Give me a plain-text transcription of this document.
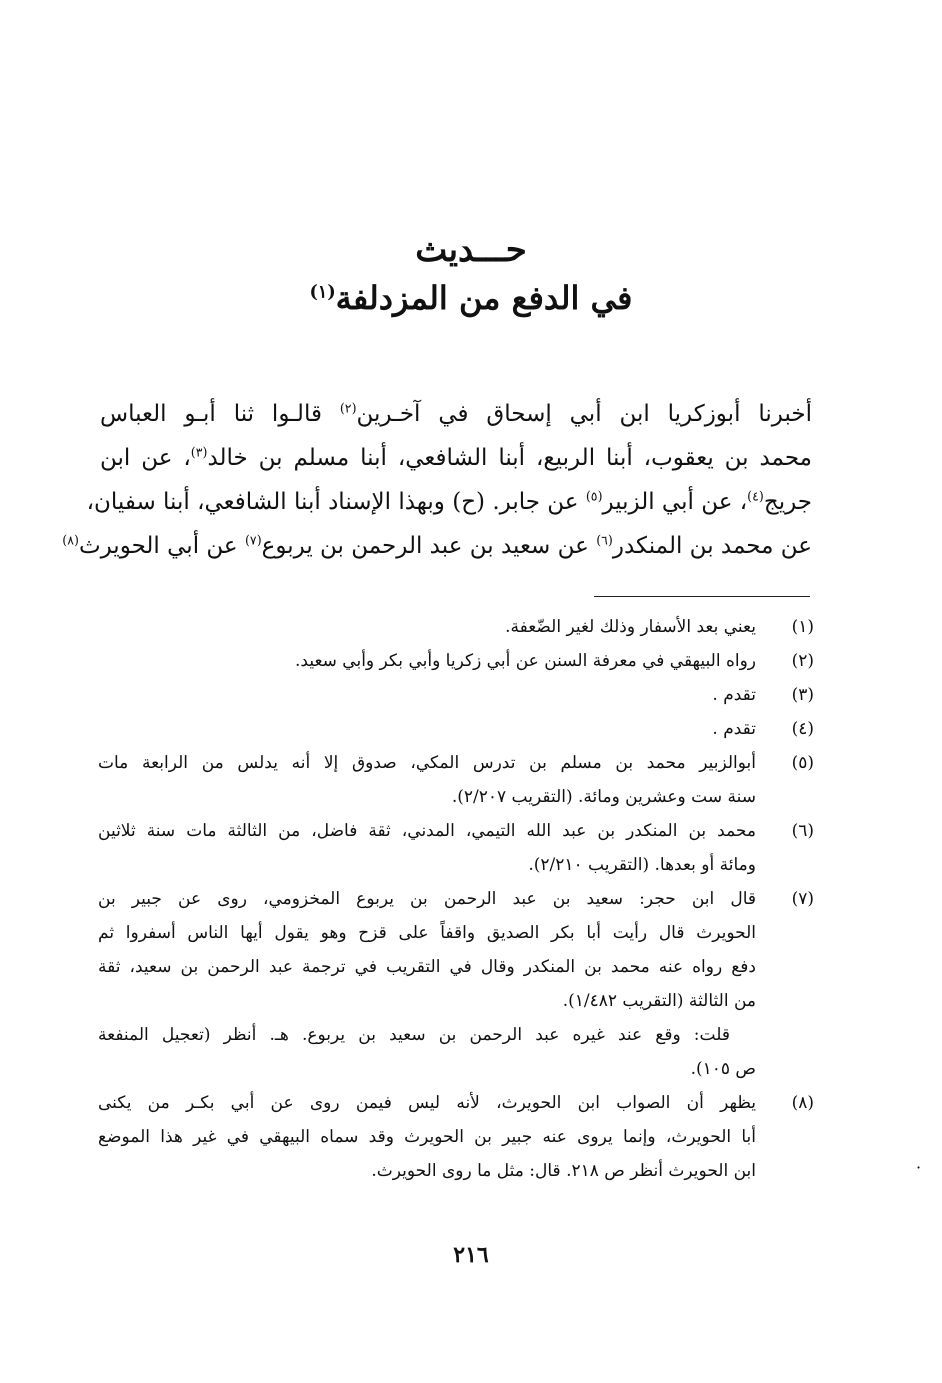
حـــديث
في الدفع من المزدلفة$^{(١)}$
أخبرنا أبوزكريا ابن أبي إسحاق في آخـرين$^{(٢)}$ قالـوا ثنا أبـو العباس
محمد بن يعقوب، أبنا الربيع، أبنا الشافعي، أبنا مسلم بن خالد$^{(٣)}$، عن ابن
جريج$^{(٤)}$، عن أبي الزبير$^{(٥)}$ عن جابر. (ح) وبهذا الإسناد أبنا الشافعي، أبنا سفيان،
عن محمد بن المنكدر$^{(٦)}$ عن سعيد بن عبد الرحمن بن يربوع$^{(٧)}$ عن أبي الحويرث$^{(٨)}$
(١)
يعني بعد الأسفار وذلك لغير الضّعفة.
(٢)
رواه البيهقي في معرفة السنن عن أبي زكريا وأبي بكر وأبي سعيد.
(٣)
تقدم .
(٤)
تقدم .
(٥)
أبوالزبير محمد بن مسلم بن تدرس المكي، صدوق إلا أنه يدلس من الرابعة مات
سنة ست وعشرين ومائة. (التقريب ٢/٢٠٧).
(٦)
محمد بن المنكدر بن عبد الله التيمي، المدني، ثقة فاضل، من الثالثة مات سنة ثلاثين
ومائة أو بعدها. (التقريب ٢/٢١٠).
(٧)
قال ابن حجر: سعيد بن عبد الرحمن بن يربوع المخزومي، روى عن جبير بن
الحويرث قال رأيت أبا بكر الصديق واقفاً على قزح وهو يقول أيها الناس أسفروا ثم
دفع رواه عنه محمد بن المنكدر وقال في التقريب في ترجمة عبد الرحمن بن سعيد، ثقة
من الثالثة (التقريب ١/٤٨٢).
قلت: وقع عند غيره عبد الرحمن بن سعيد بن يربوع. هـ. أنظر (تعجيل المنفعة
ص ١٠٥).
(٨)
يظهر أن الصواب ابن الحويرث، لأنه ليس فيمن روى عن أبي بكـر من يكنى
أبا الحويرث، وإنما يروى عنه جبير بن الحويرث وقد سماه البيهقي في غير هذا الموضع
ابن الحويرث أنظر ص ٢١٨. قال: مثل ما روى الحويرث.	·
٢١٦
